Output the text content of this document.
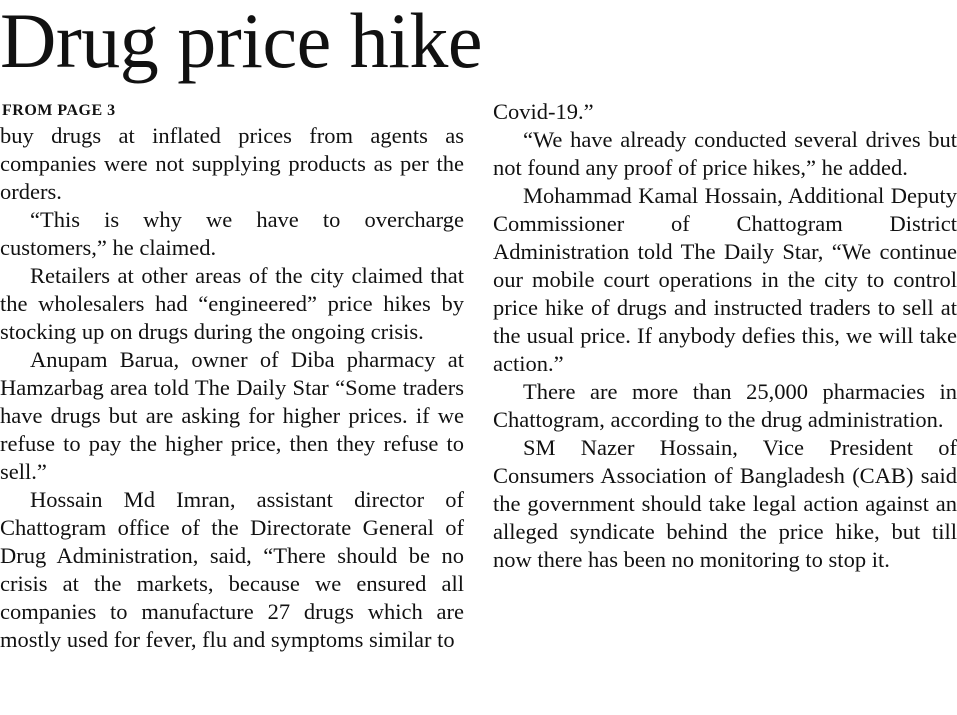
Drug price hike
FROM PAGE 3

buy drugs at inflated prices from agents as companies were not supplying products as per the orders.

“This is why we have to overcharge customers,” he claimed.

Retailers at other areas of the city claimed that the wholesalers had “engineered” price hikes by stocking up on drugs during the ongoing crisis.

Anupam Barua, owner of Diba pharmacy at Hamzarbag area told The Daily Star “Some traders have drugs but are asking for higher prices. if we refuse to pay the higher price, then they refuse to sell.”

Hossain Md Imran, assistant director of Chattogram office of the Directorate General of Drug Administration, said, “There should be no crisis at the markets, because we ensured all companies to manufacture 27 drugs which are mostly used for fever, flu and symptoms similar to

Covid-19.”

“We have already conducted several drives but not found any proof of price hikes,” he added.

Mohammad Kamal Hossain, Additional Deputy Commissioner of Chattogram District Administration told The Daily Star, “We continue our mobile court operations in the city to control price hike of drugs and instructed traders to sell at the usual price. If anybody defies this, we will take action.”

There are more than 25,000 pharmacies in Chattogram, according to the drug administration.

SM Nazer Hossain, Vice President of Consumers Association of Bangladesh (CAB) said the government should take legal action against an alleged syndicate behind the price hike, but till now there has been no monitoring to stop it.
